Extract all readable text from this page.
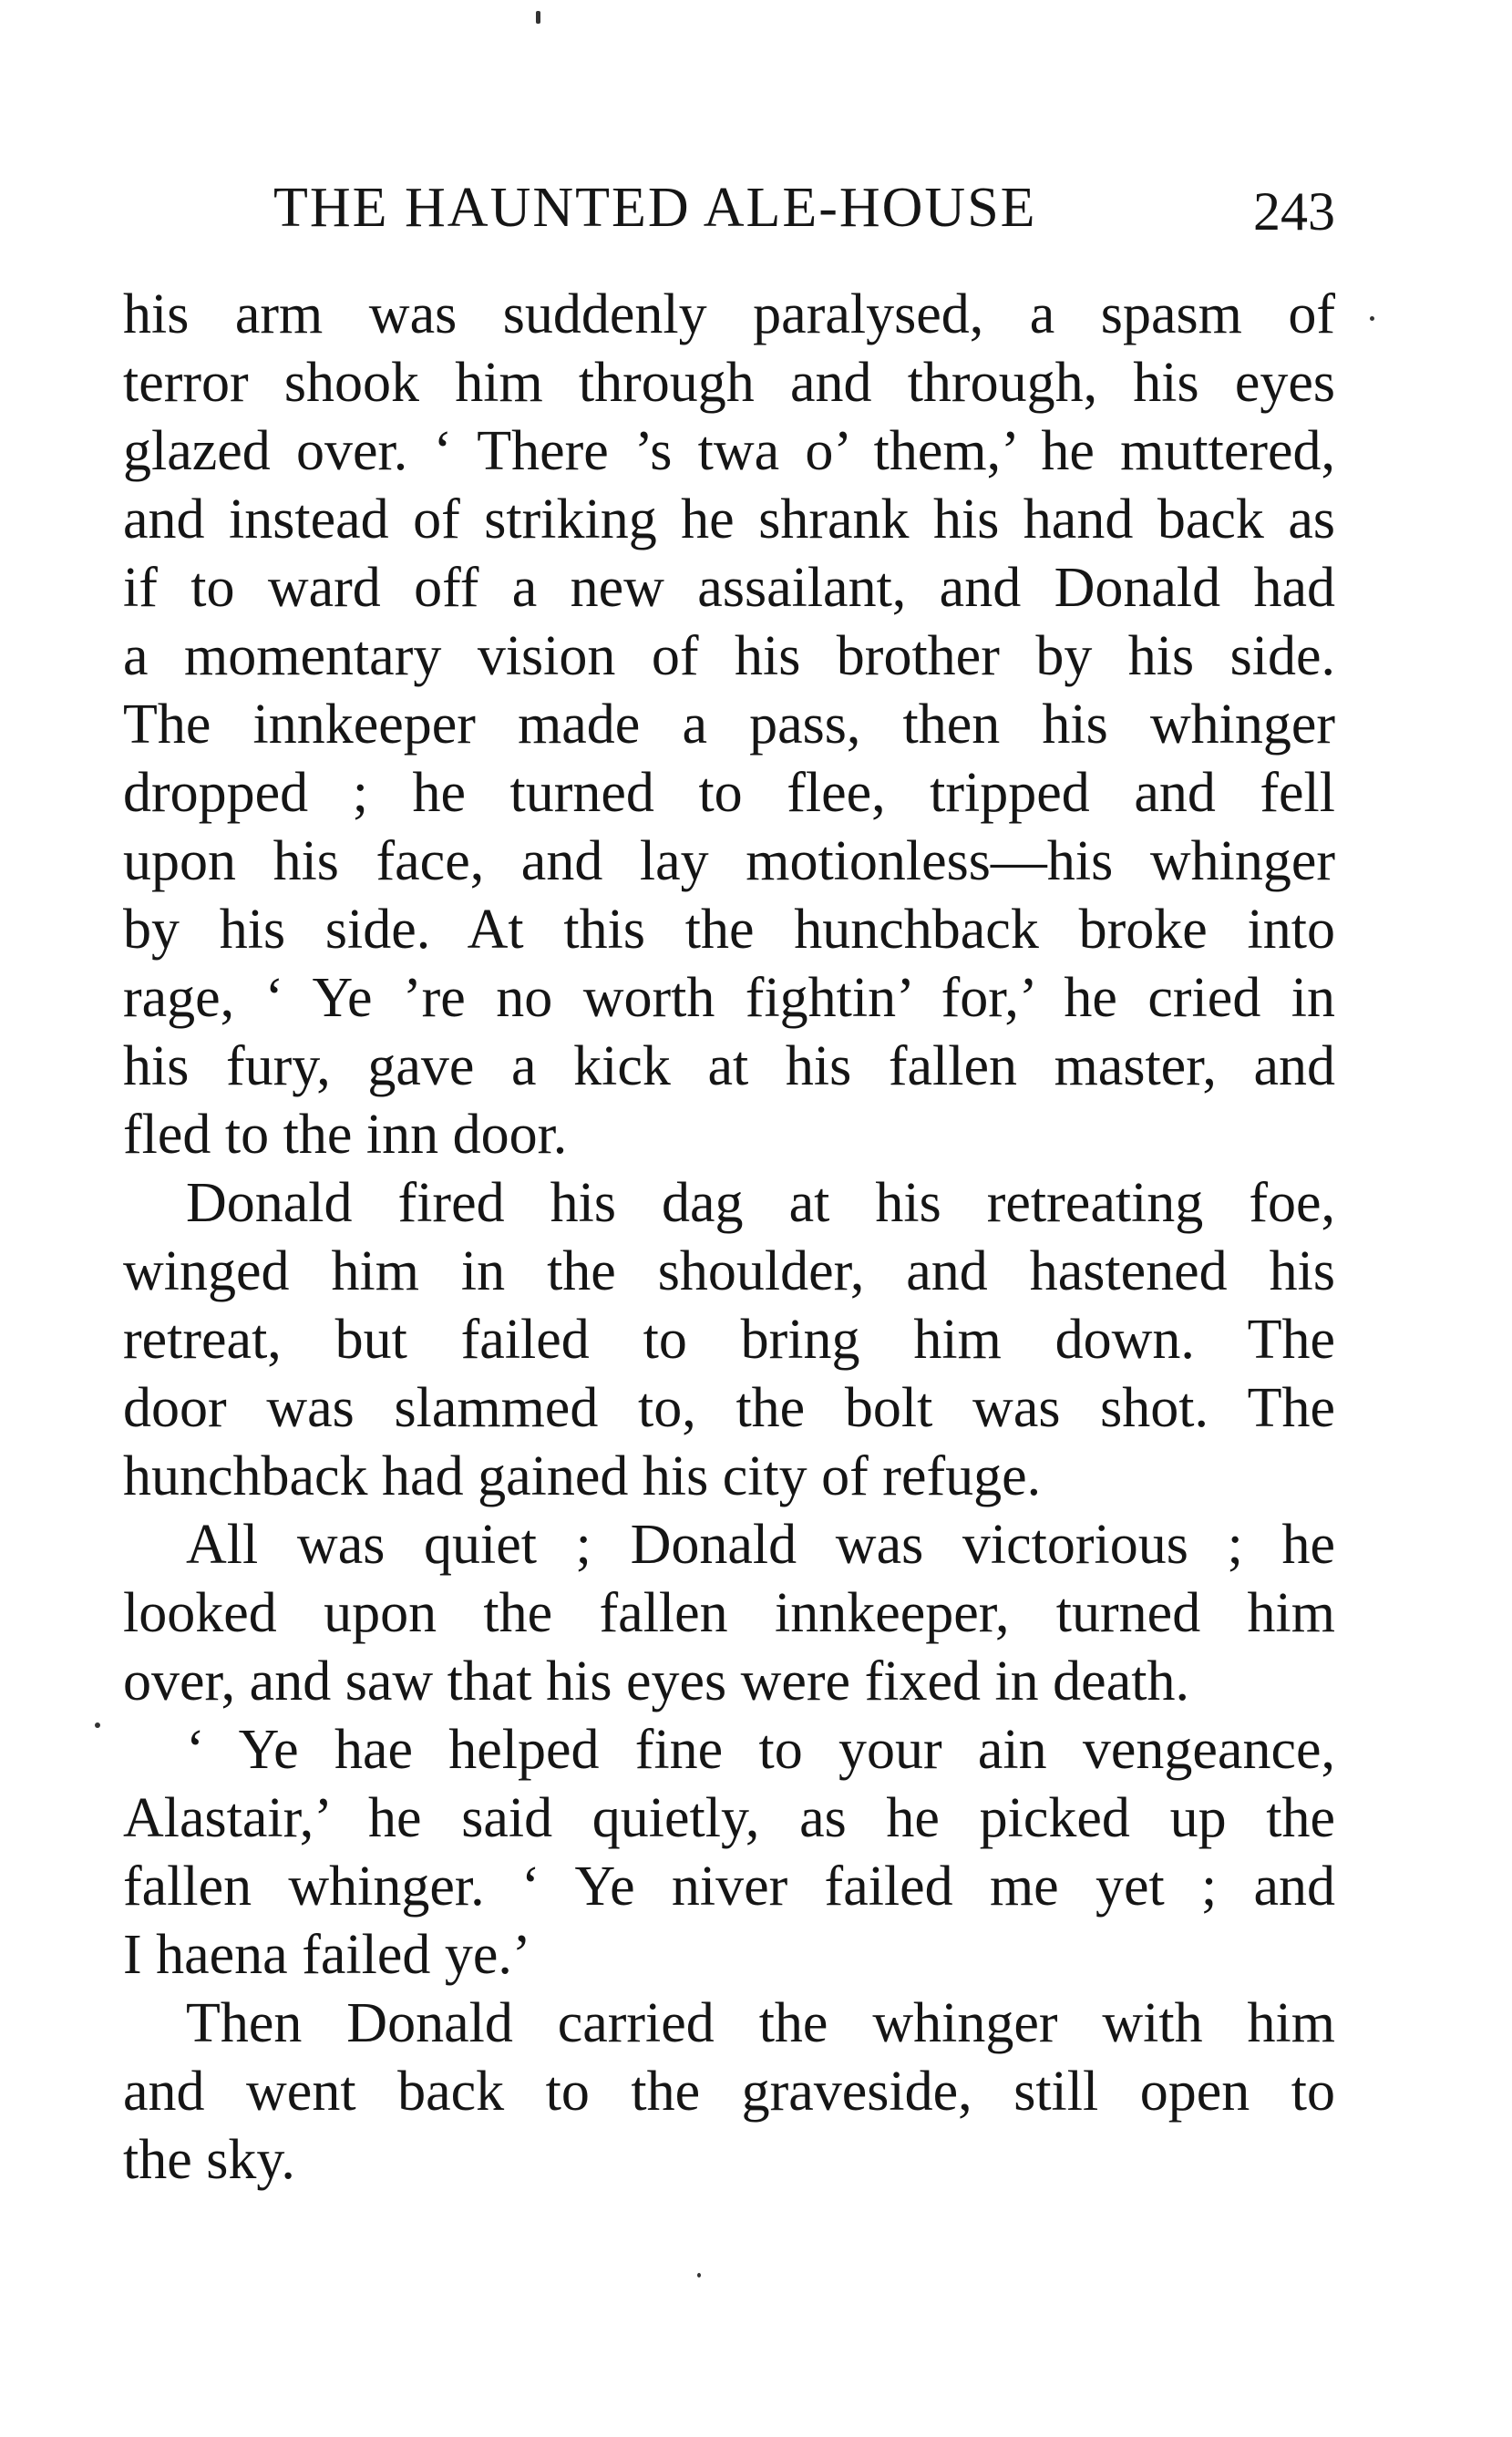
THE HAUNTED ALE-HOUSE	243
his arm was suddenly paralysed, a spasm of
terror shook him through and through, his eyes
glazed over. ‘ There ’s twa o’ them,’ he muttered,
and instead of striking he shrank his hand back as
if to ward off a new assailant, and Donald had
a momentary vision of his brother by his side.
The innkeeper made a pass, then his whinger
dropped ; he turned to flee, tripped and fell
upon his face, and lay motionless—his whinger
by his side. At this the hunchback broke into
rage, ‘ Ye ’re no worth fightin’ for,’ he cried in
his fury, gave a kick at his fallen master, and
fled to the inn door.
Donald fired his dag at his retreating foe,
winged him in the shoulder, and hastened his
retreat, but failed to bring him down. The
door was slammed to, the bolt was shot. The
hunchback had gained his city of refuge.
All was quiet ; Donald was victorious ; he
looked upon the fallen innkeeper, turned him
over, and saw that his eyes were fixed in death.
‘ Ye hae helped fine to your ain vengeance,
Alastair,’ he said quietly, as he picked up the
fallen whinger. ‘ Ye niver failed me yet ; and
I haena failed ye.’
Then Donald carried the whinger with him
and went back to the graveside, still open to
the sky.
